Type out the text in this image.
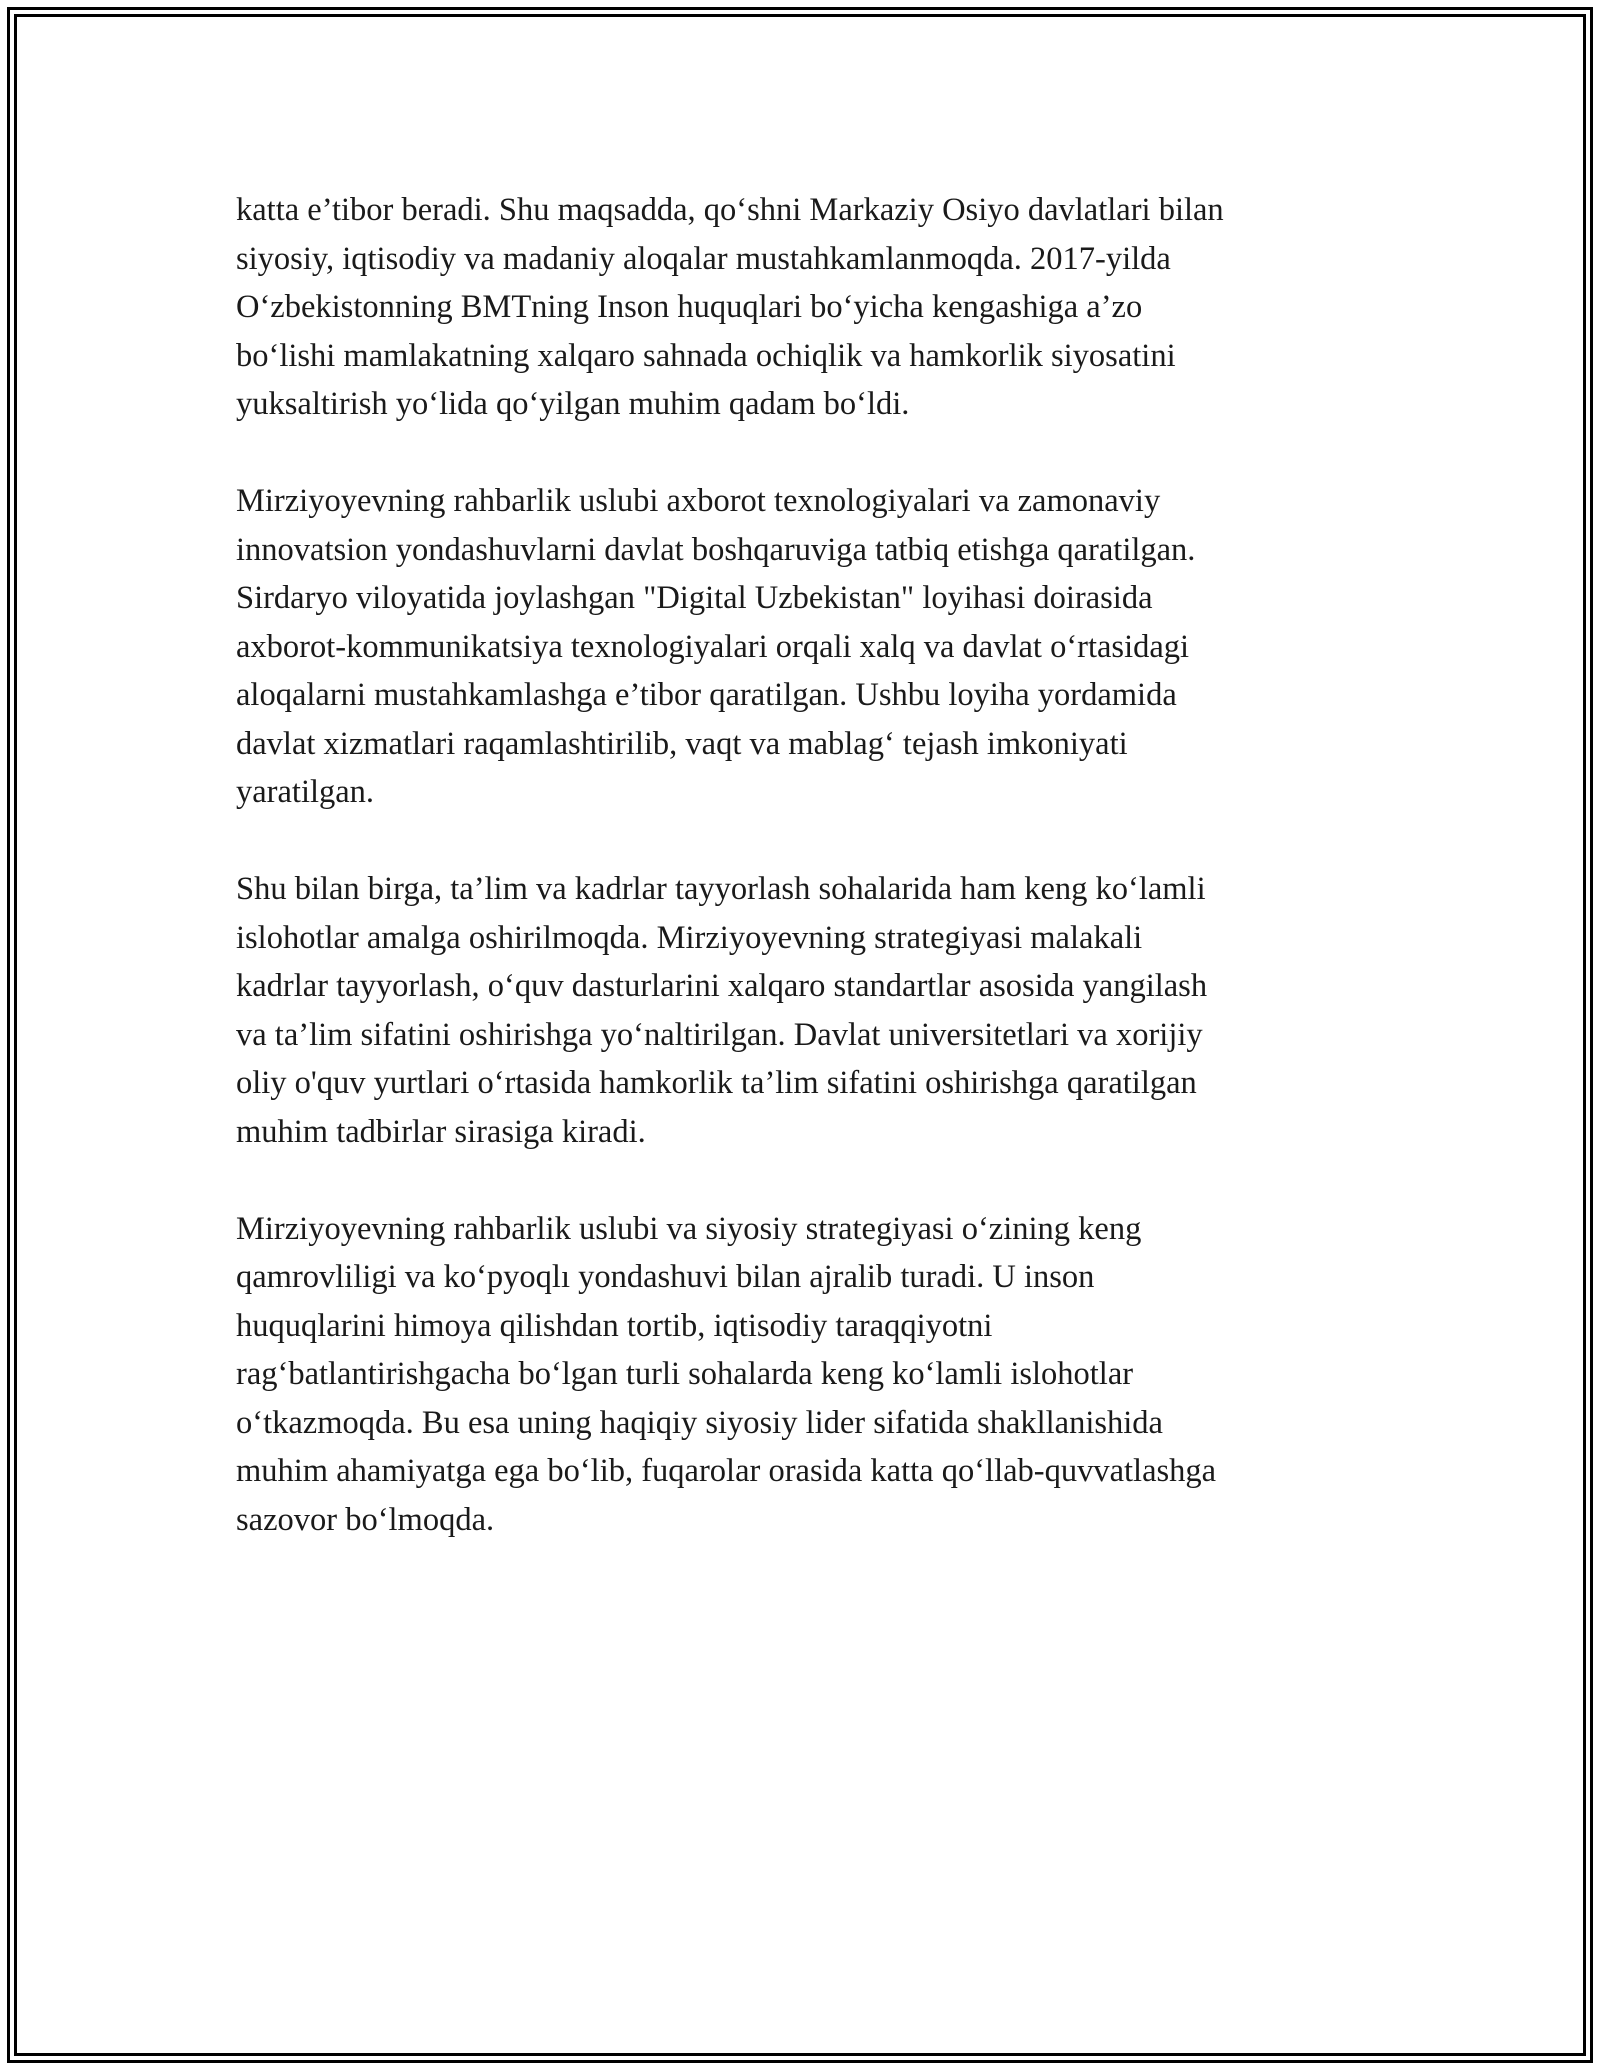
katta e’tibor beradi. Shu maqsadda, qo‘shni Markaziy Osiyo davlatlari bilan
siyosiy, iqtisodiy va madaniy aloqalar mustahkamlanmoqda. 2017-yilda
O‘zbekistonning BMTning Inson huquqlari bo‘yicha kengashiga a’zo
bo‘lishi mamlakatning xalqaro sahnada ochiqlik va hamkorlik siyosatini
yuksaltirish yo‘lida qo‘yilgan muhim qadam bo‘ldi.

Mirziyoyevning rahbarlik uslubi axborot texnologiyalari va zamonaviy
innovatsion yondashuvlarni davlat boshqaruviga tatbiq etishga qaratilgan.
Sirdaryo viloyatida joylashgan "Digital Uzbekistan" loyihasi doirasida
axborot-kommunikatsiya texnologiyalari orqali xalq va davlat o‘rtasidagi
aloqalarni mustahkamlashga e’tibor qaratilgan. Ushbu loyiha yordamida
davlat xizmatlari raqamlashtirilib, vaqt va mablag‘ tejash imkoniyati
yaratilgan.

Shu bilan birga, ta’lim va kadrlar tayyorlash sohalarida ham keng ko‘lamli
islohotlar amalga oshirilmoqda. Mirziyoyevning strategiyasi malakali
kadrlar tayyorlash, o‘quv dasturlarini xalqaro standartlar asosida yangilash
va ta’lim sifatini oshirishga yo‘naltirilgan. Davlat universitetlari va xorijiy
oliy o'quv yurtlari o‘rtasida hamkorlik ta’lim sifatini oshirishga qaratilgan
muhim tadbirlar sirasiga kiradi.

Mirziyoyevning rahbarlik uslubi va siyosiy strategiyasi o‘zining keng
qamrovliligi va ko‘pyoqlı yondashuvi bilan ajralib turadi. U inson
huquqlarini himoya qilishdan tortib, iqtisodiy taraqqiyotni
rag‘batlantirishgacha bo‘lgan turli sohalarda keng ko‘lamli islohotlar
o‘tkazmoqda. Bu esa uning haqiqiy siyosiy lider sifatida shakllanishida
muhim ahamiyatga ega bo‘lib, fuqarolar orasida katta qo‘llab-quvvatlashga
sazovor bo‘lmoqda.
